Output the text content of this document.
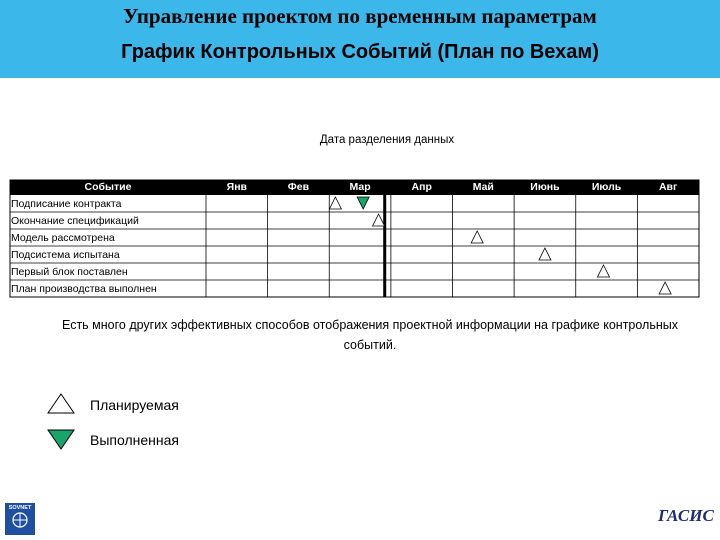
Управление проектом по временным параметрам
График Контрольных Событий (План по Вехам)
Дата разделения данных
Событие	Янв	Фев	Мар	Апр	Май	Июнь	Июль	Авг
Подписание контракта
Окончание спецификаций
Модель рассмотрена
Подсистема испытана
Первый блок поставлен
План производства выполнен
Есть много других эффективных способов отображения проектной информации на графике контрольных событий.
Планируемая
Выполненная
SOVNET	ГАСИС
